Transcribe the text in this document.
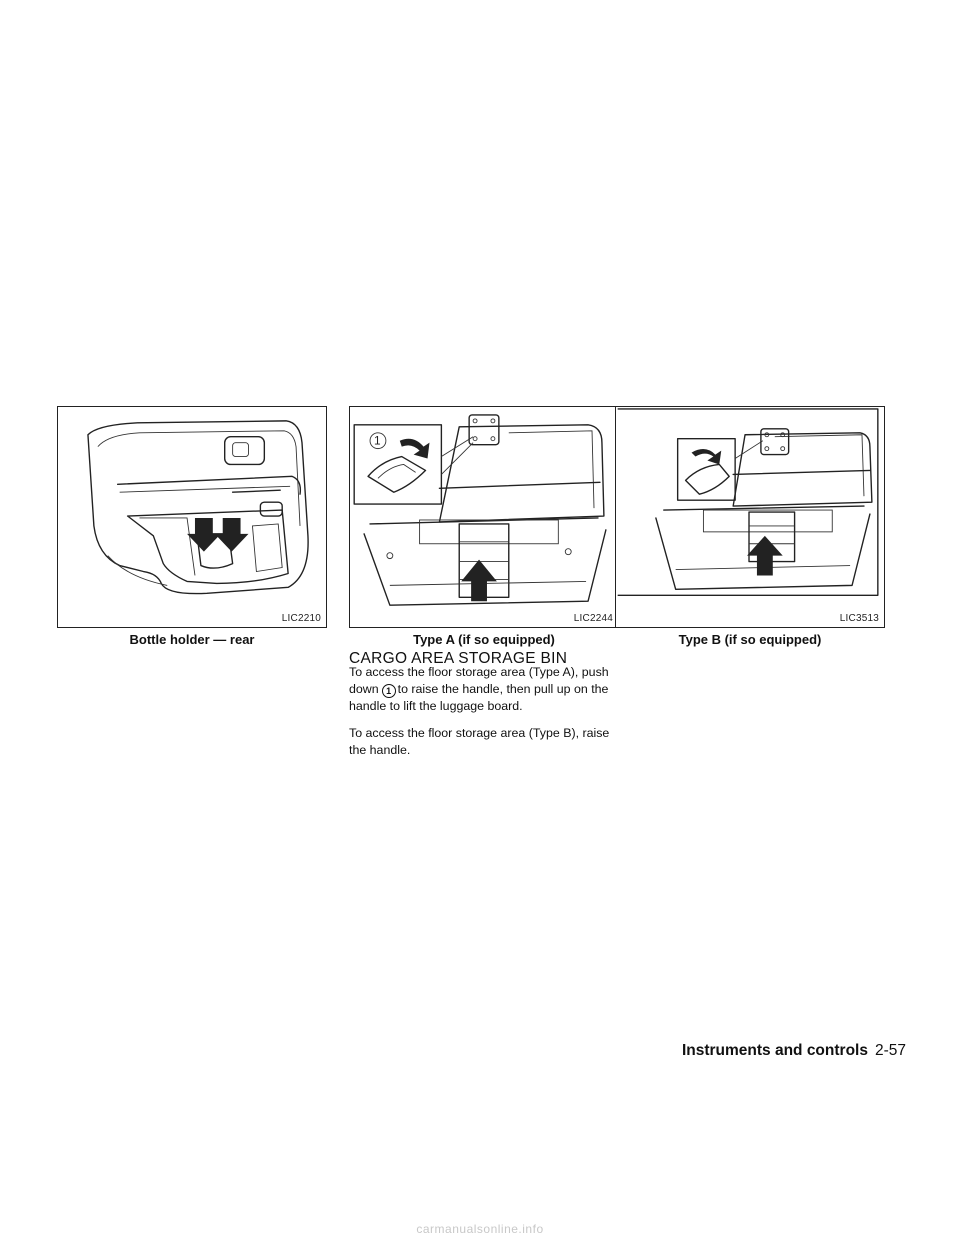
LIC2210
Bottle holder — rear
1
LIC2244
Type A (if so equipped)
LIC3513
Type B (if so equipped)
CARGO AREA STORAGE BIN

To access the floor storage area (Type A), push down 1 to raise the handle, then pull up on the handle to lift the luggage board.

To access the floor storage area (Type B), raise the handle.

Instruments and controls 2-57
carmanualsonline.info
